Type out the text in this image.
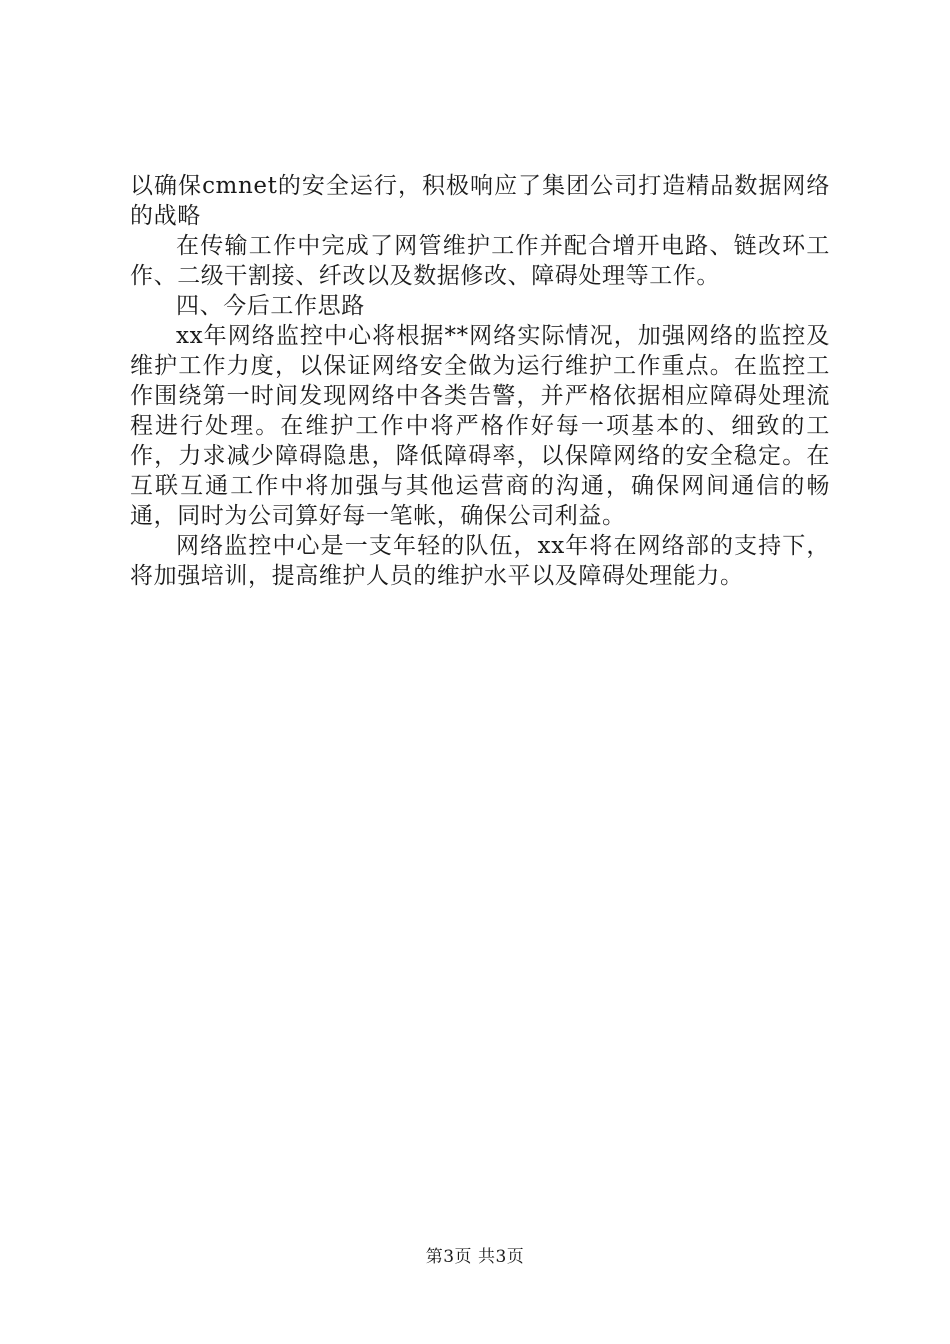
以确保cmnet的安全运行，积极响应了集团公司打造精品数据网络的战略

在传输工作中完成了网管维护工作并配合增开电路、链改环工作、二级干割接、纤改以及数据修改、障碍处理等工作。

四、今后工作思路

xx年网络监控中心将根据**网络实际情况，加强网络的监控及维护工作力度，以保证网络安全做为运行维护工作重点。在监控工作围绕第一时间发现网络中各类告警，并严格依据相应障碍处理流程进行处理。在维护工作中将严格作好每一项基本的、细致的工作，力求减少障碍隐患，降低障碍率，以保障网络的安全稳定。在互联互通工作中将加强与其他运营商的沟通，确保网间通信的畅通，同时为公司算好每一笔帐，确保公司利益。

网络监控中心是一支年轻的队伍，xx年将在网络部的支持下，将加强培训，提高维护人员的维护水平以及障碍处理能力。

第3页 共3页
